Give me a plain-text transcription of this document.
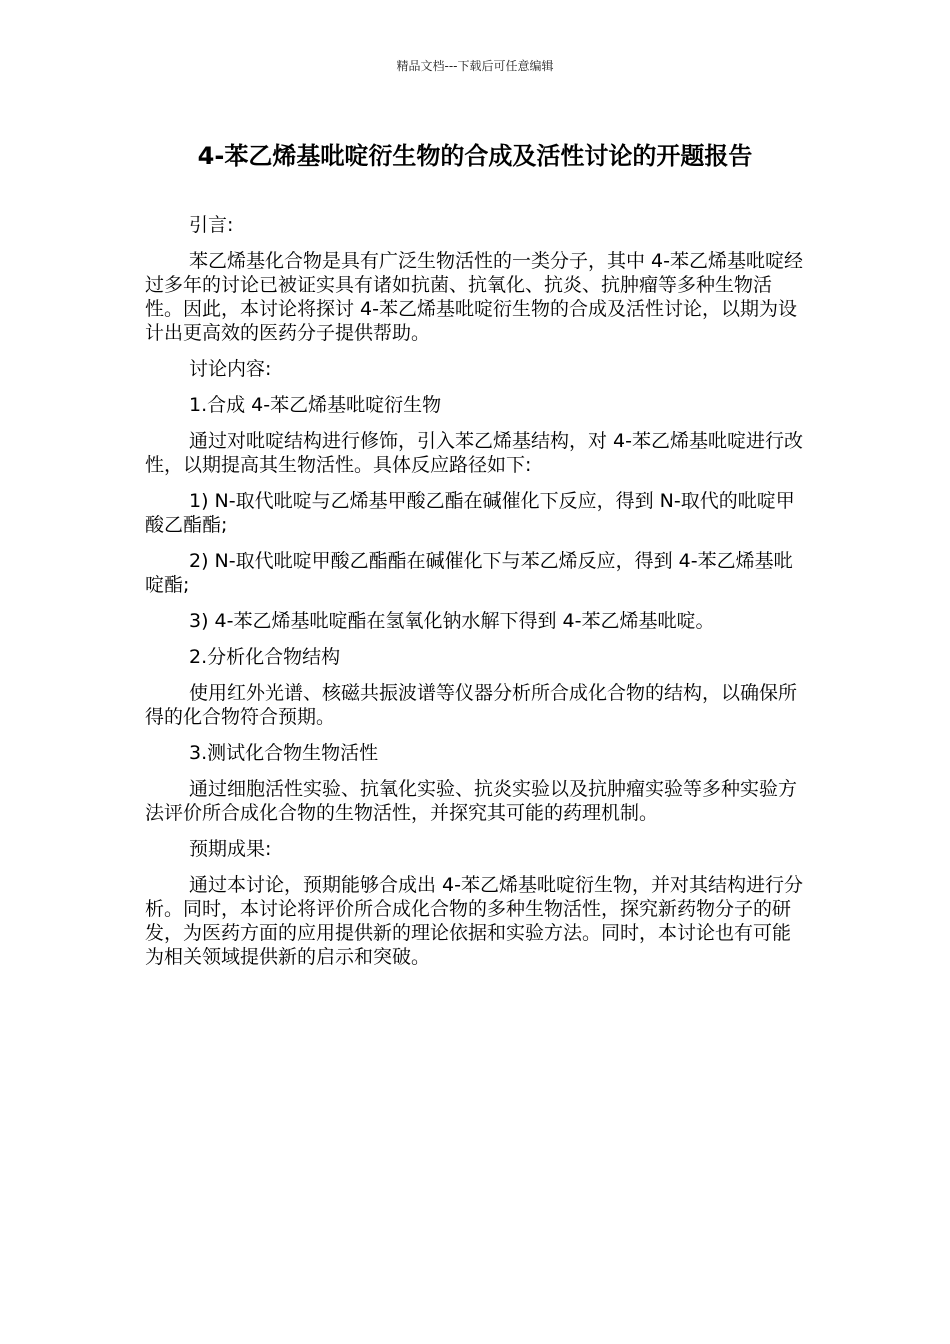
精品文档---下载后可任意编辑
4-苯乙烯基吡啶衍生物的合成及活性讨论的开题报告

引言:

苯乙烯基化合物是具有广泛生物活性的一类分子，其中 4-苯乙烯基吡啶经过多年的讨论已被证实具有诸如抗菌、抗氧化、抗炎、抗肿瘤等多种生物活性。因此，本讨论将探讨 4-苯乙烯基吡啶衍生物的合成及活性讨论，以期为设计出更高效的医药分子提供帮助。

讨论内容:

1.合成 4-苯乙烯基吡啶衍生物

通过对吡啶结构进行修饰，引入苯乙烯基结构，对 4-苯乙烯基吡啶进行改性，以期提高其生物活性。具体反应路径如下:

1) N-取代吡啶与乙烯基甲酸乙酯在碱催化下反应，得到 N-取代的吡啶甲酸乙酯酯;

2) N-取代吡啶甲酸乙酯酯在碱催化下与苯乙烯反应，得到 4-苯乙烯基吡啶酯;

3) 4-苯乙烯基吡啶酯在氢氧化钠水解下得到 4-苯乙烯基吡啶。

2.分析化合物结构

使用红外光谱、核磁共振波谱等仪器分析所合成化合物的结构，以确保所得的化合物符合预期。

3.测试化合物生物活性

通过细胞活性实验、抗氧化实验、抗炎实验以及抗肿瘤实验等多种实验方法评价所合成化合物的生物活性，并探究其可能的药理机制。

预期成果:

通过本讨论，预期能够合成出 4-苯乙烯基吡啶衍生物，并对其结构进行分析。同时，本讨论将评价所合成化合物的多种生物活性，探究新药物分子的研发，为医药方面的应用提供新的理论依据和实验方法。同时，本讨论也有可能为相关领域提供新的启示和突破。
